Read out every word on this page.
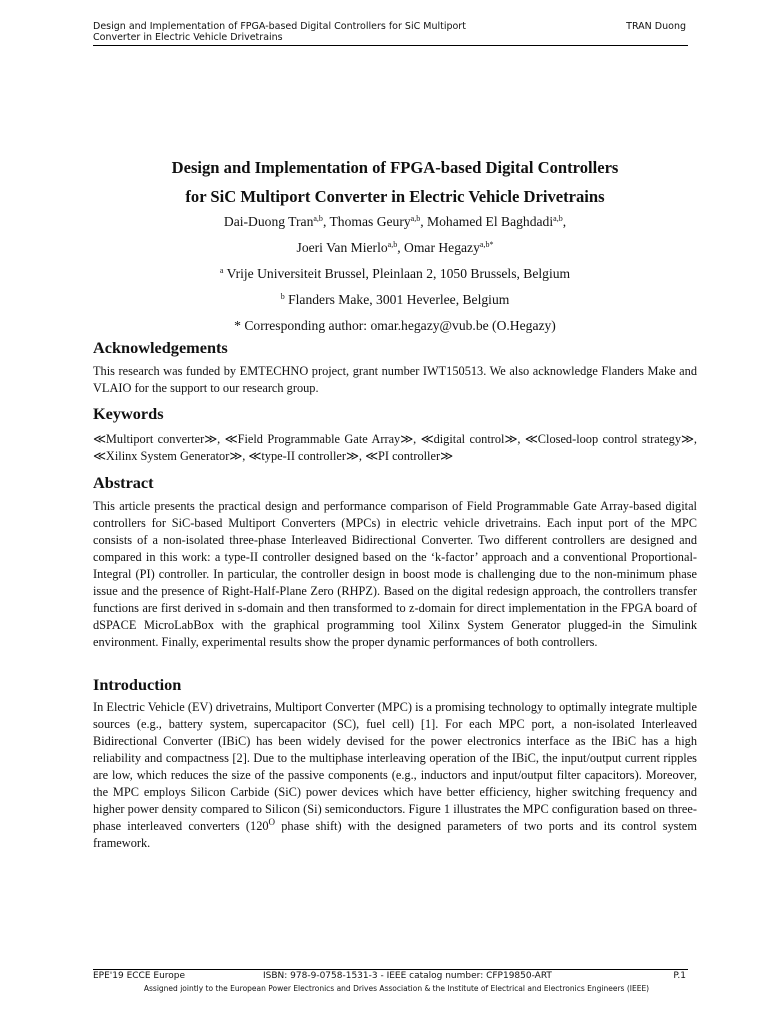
Design and Implementation of FPGA-based Digital Controllers for SiC Multiport Converter in Electric Vehicle Drivetrains
TRAN Duong
Design and Implementation of FPGA-based Digital Controllers
for SiC Multiport Converter in Electric Vehicle Drivetrains
Dai-Duong Tran$^{a,b}$, Thomas Geury$^{a,b}$, Mohamed El Baghdadi$^{a,b}$,
Joeri Van Mierlo$^{a,b}$, Omar Hegazy$^{a,b*}$
$^a$ Vrije Universiteit Brussel, Pleinlaan 2, 1050 Brussels, Belgium
$^b$ Flanders Make, 3001 Heverlee, Belgium
* Corresponding author: omar.hegazy@vub.be (O.Hegazy)
Acknowledgements
This research was funded by EMTECHNO project, grant number IWT150513. We also acknowledge Flanders Make and VLAIO for the support to our research group.
Keywords
≪Multiport converter≫, ≪Field Programmable Gate Array≫, ≪digital control≫, ≪Closed-loop control strategy≫, ≪Xilinx System Generator≫, ≪type-II controller≫, ≪PI controller≫
Abstract
This article presents the practical design and performance comparison of Field Programmable Gate Array-based digital controllers for SiC-based Multiport Converters (MPCs) in electric vehicle drivetrains. Each input port of the MPC consists of a non-isolated three-phase Interleaved Bidirectional Converter. Two different controllers are designed and compared in this work: a type-II controller designed based on the ‘k-factor’ approach and a conventional Proportional-Integral (PI) controller. In particular, the controller design in boost mode is challenging due to the non-minimum phase issue and the presence of Right-Half-Plane Zero (RHPZ). Based on the digital redesign approach, the controllers transfer functions are first derived in s-domain and then transformed to z-domain for direct implementation in the FPGA board of dSPACE MicroLabBox with the graphical programming tool Xilinx System Generator plugged-in the Simulink environment. Finally, experimental results show the proper dynamic performances of both controllers.
Introduction
In Electric Vehicle (EV) drivetrains, Multiport Converter (MPC) is a promising technology to optimally integrate multiple sources (e.g., battery system, supercapacitor (SC), fuel cell) [1]. For each MPC port, a non-isolated Interleaved Bidirectional Converter (IBiC) has been widely devised for the power electronics interface as the IBiC has a high reliability and compactness [2]. Due to the multiphase interleaving operation of the IBiC, the input/output current ripples are low, which reduces the size of the passive components (e.g., inductors and input/output filter capacitors). Moreover, the MPC employs Silicon Carbide (SiC) power devices which have better efficiency, higher switching frequency and higher power density compared to Silicon (Si) semiconductors. Figure 1 illustrates the MPC configuration based on three-phase interleaved converters ($120^O$ phase shift) with the designed parameters of two ports and its control system framework.
EPE'19 ECCE Europe	ISBN: 978-9-0758-1531-3 - IEEE catalog number: CFP19850-ART	P.1
Assigned jointly to the European Power Electronics and Drives Association & the Institute of Electrical and Electronics Engineers (IEEE)
